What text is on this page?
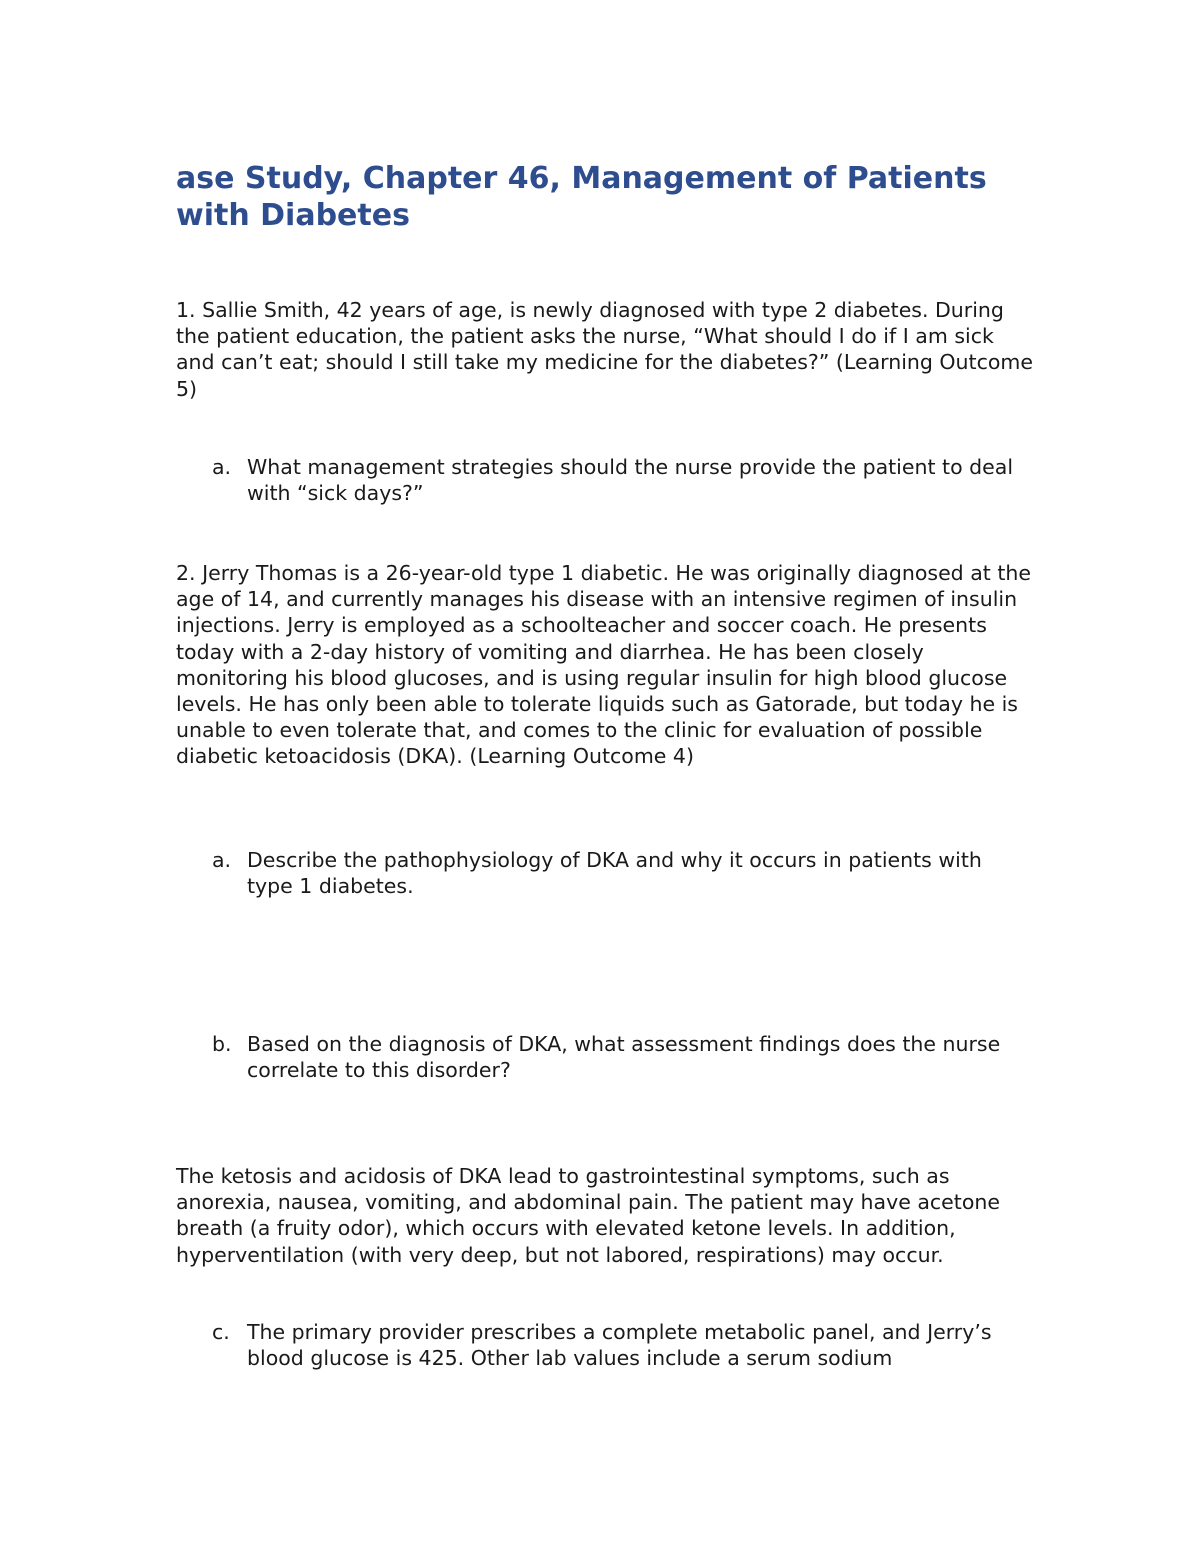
ase Study, Chapter 46, Management of Patients with Diabetes

1. Sallie Smith, 42 years of age, is newly diagnosed with type 2 diabetes. During the patient education, the patient asks the nurse, “What should I do if I am sick and can’t eat; should I still take my medicine for the diabetes?” (Learning Outcome 5)

a. What management strategies should the nurse provide the patient to deal with “sick days?”

2. Jerry Thomas is a 26-year-old type 1 diabetic. He was originally diagnosed at the age of 14, and currently manages his disease with an intensive regimen of insulin injections. Jerry is employed as a schoolteacher and soccer coach. He presents today with a 2-day history of vomiting and diarrhea. He has been closely monitoring his blood glucoses, and is using regular insulin for high blood glucose levels. He has only been able to tolerate liquids such as Gatorade, but today he is unable to even tolerate that, and comes to the clinic for evaluation of possible diabetic ketoacidosis (DKA). (Learning Outcome 4)

a. Describe the pathophysiology of DKA and why it occurs in patients with type 1 diabetes.
b. Based on the diagnosis of DKA, what assessment findings does the nurse correlate to this disorder?

The ketosis and acidosis of DKA lead to gastrointestinal symptoms, such as anorexia, nausea, vomiting, and abdominal pain. The patient may have acetone breath (a fruity odor), which occurs with elevated ketone levels. In addition, hyperventilation (with very deep, but not labored, respirations) may occur.

c. The primary provider prescribes a complete metabolic panel, and Jerry’s blood glucose is 425. Other lab values include a serum sodium
